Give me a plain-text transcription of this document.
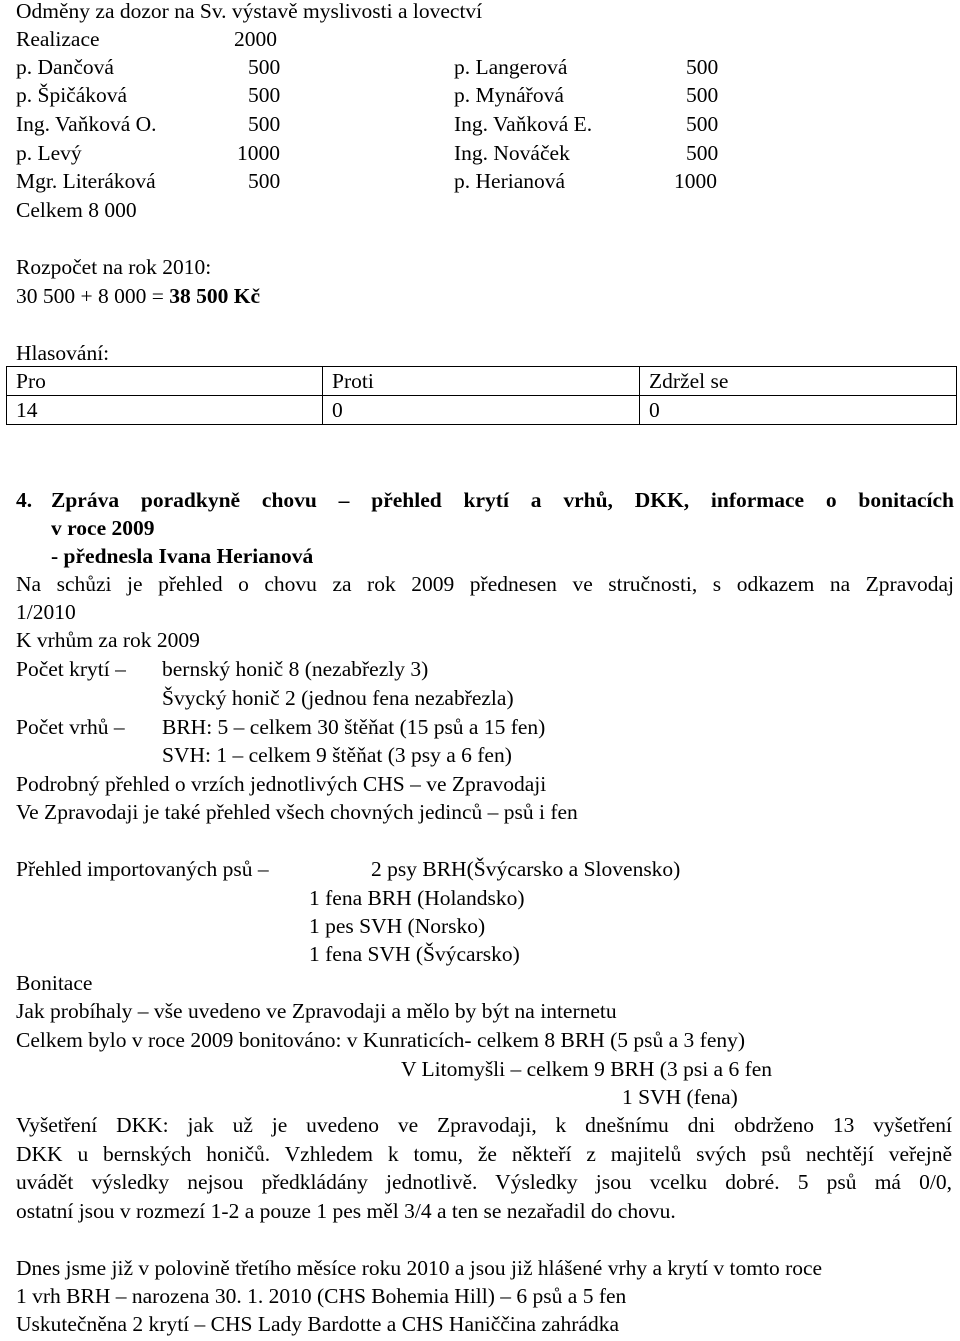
Odměny za dozor na Sv. výstavě myslivosti a lovectví
Realizace	2000
p. Dančová	500	p. Langerová	500
p. Špičáková	500	p. Mynářová	500
Ing. Vaňková O.	500	Ing. Vaňková E.	500
p. Levý	1000	Ing. Nováček	500
Mgr. Literáková	500	p. Herianová	1000
Celkem 8 000
Rozpočet na rok 2010:
30 500 + 8 000 = 38 500 Kč
Hlasování:
Pro	Proti	Zdržel se
14	0	0
4. Zpráva poradkyně chovu – přehled krytí a vrhů, DKK, informace o bonitacích
v roce 2009
- přednesla Ivana Herianová
Na schůzi je přehled o chovu za rok 2009 přednesen ve stručnosti, s odkazem na Zpravodaj
1/2010
K vrhům za rok 2009
Počet krytí – bernský honič 8 (nezabřezly 3)
Švycký honič 2 (jednou fena nezabřezla)
Počet vrhů – BRH: 5 – celkem 30 štěňat (15 psů a 15 fen)
SVH: 1 – celkem 9 štěňat (3 psy a 6 fen)
Podrobný přehled o vrzích jednotlivých CHS – ve Zpravodaji
Ve Zpravodaji je také přehled všech chovných jedinců – psů i fen
Přehled importovaných psů –	2 psy BRH(Švýcarsko a Slovensko)
1 fena BRH (Holandsko)
1 pes SVH (Norsko)
1 fena SVH (Švýcarsko)
Bonitace
Jak probíhaly – vše uvedeno ve Zpravodaji a mělo by být na internetu
Celkem bylo v roce 2009 bonitováno: v Kunraticích- celkem 8 BRH (5 psů a 3 feny)
V Litomyšli – celkem 9 BRH (3 psi a 6 fen
1 SVH (fena)
Vyšetření DKK: jak už je uvedeno ve Zpravodaji, k dnešnímu dni obdrženo 13 vyšetření
DKK u bernských honičů. Vzhledem k tomu, že někteří z majitelů svých psů nechtějí veřejně
uvádět výsledky nejsou předkládány jednotlivě. Výsledky jsou vcelku dobré. 5 psů má 0/0,
ostatní jsou v rozmezí 1-2 a pouze 1 pes měl 3/4 a ten se nezařadil do chovu.
Dnes jsme již v polovině třetího měsíce roku 2010 a jsou již hlášené vrhy a krytí v tomto roce
1 vrh BRH – narozena 30. 1. 2010 (CHS Bohemia Hill) – 6 psů a 5 fen
Uskutečněna 2 krytí – CHS Lady Bardotte a CHS Haniččina zahrádka
